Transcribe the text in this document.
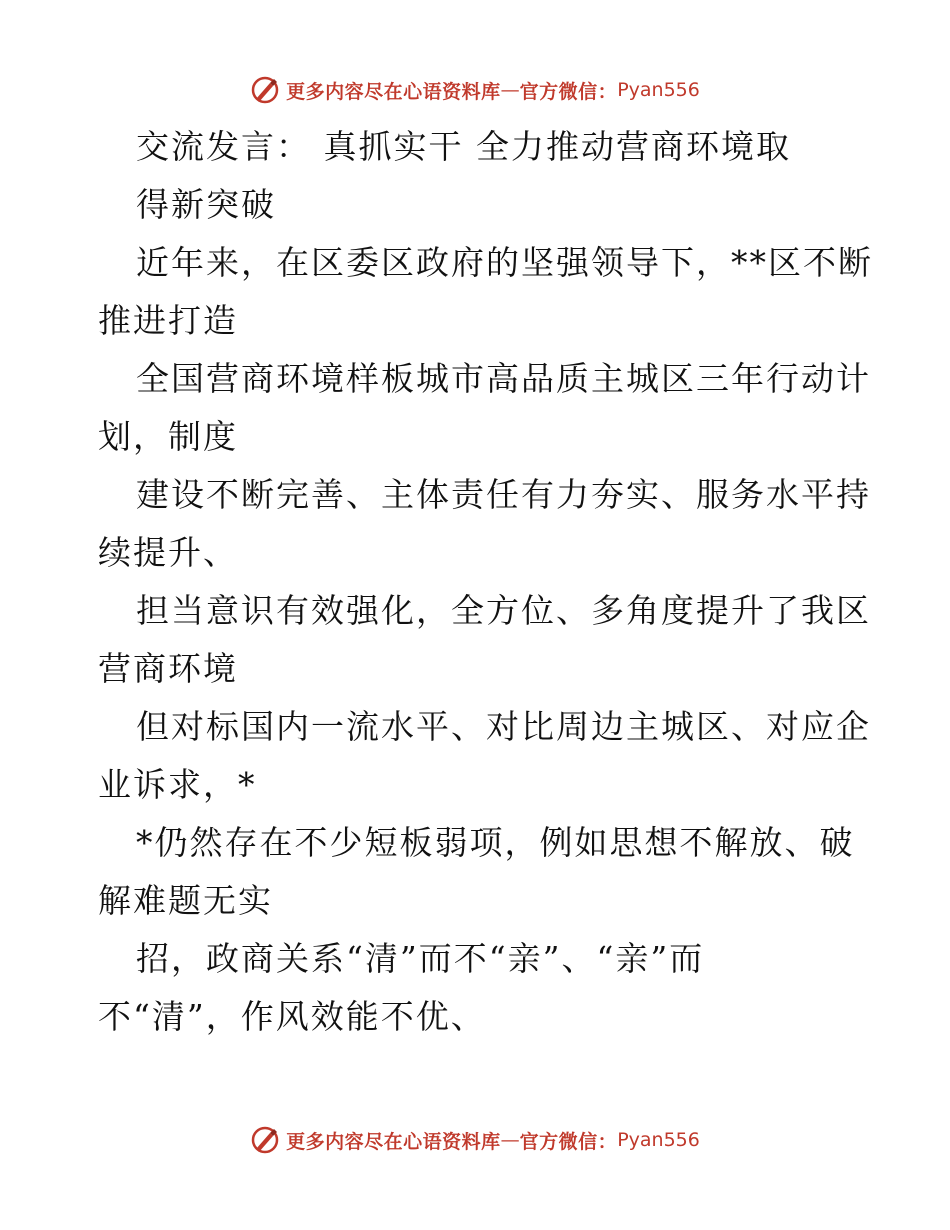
更多内容尽在心语资料库 — 官方微信： Pyan556
交流发言： 真抓实干 全力推动营商环境取
得新突破
近年来，在区委区政府的坚强领导下，**区不断
推进打造
全国营商环境样板城市高品质主城区三年行动计
划，制度
建设不断完善、主体责任有力夯实、服务水平持
续提升、
担当意识有效强化，全方位、多角度提升了我区
营商环境
但对标国内一流水平、对比周边主城区、对应企
业诉求，*
*仍然存在不少短板弱项，例如思想不解放、破
解难题无实
招，政商关系“清”而不“亲”、“亲”而
不“清”，作风效能不优、
更多内容尽在心语资料库 — 官方微信： Pyan556
